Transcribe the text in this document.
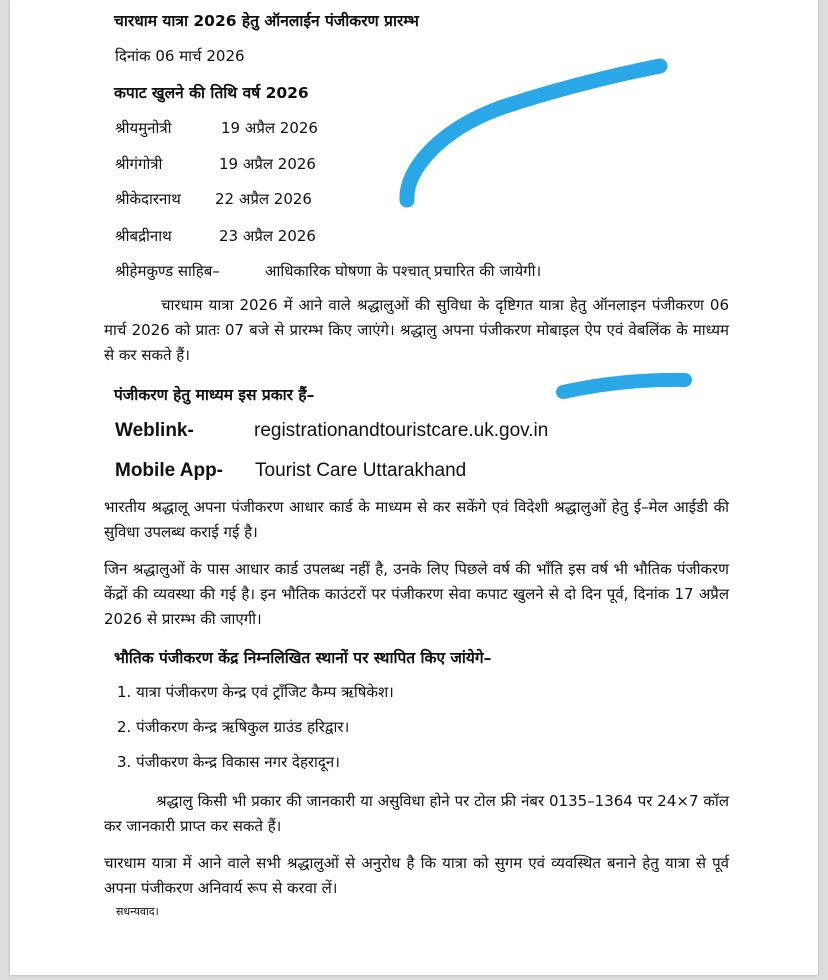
चारधाम यात्रा 2026 हेतु ऑनलाईन पंजीकरण प्रारम्भ
दिनांक 06 मार्च 2026
कपाट खुलने की तिथि वर्ष 2026
श्रीयमुनोत्री	19 अप्रैल 2026
श्रीगंगोत्री	19 अप्रैल 2026
श्रीकेदारनाथ 22 अप्रैल 2026
श्रीबद्रीनाथ	23 अप्रैल 2026
श्रीहेमकुण्ड साहिब–	आधिकारिक घोषणा के पश्चात् प्रचारित की जायेगी।
चारधाम यात्रा 2026 में आने वाले श्रद्धालुओं की सुविधा के दृष्टिगत यात्रा हेतु ऑनलाइन पंजीकरण 06 मार्च 2026 को प्रातः 07 बजे से प्रारम्भ किए जाएंगे। श्रद्धालु अपना पंजीकरण मोबाइल ऐप एवं वेबलिंक के माध्यम से कर सकते हैं।
पंजीकरण हेतु माध्यम इस प्रकार हैं–
Weblink-	registrationandtouristcare.uk.gov.in
Mobile App- Tourist Care Uttarakhand
भारतीय श्रद्धालू अपना पंजीकरण आधार कार्ड के माध्यम से कर सकेंगे एवं विदेशी श्रद्धालुओं हेतु ई–मेल आईडी की सुविधा उपलब्ध कराई गई है।
जिन श्रद्धालुओं के पास आधार कार्ड उपलब्ध नहीं है, उनके लिए पिछले वर्ष की भाँति इस वर्ष भी भौतिक पंजीकरण केंद्रों की व्यवस्था की गई है। इन भौतिक काउंटरों पर पंजीकरण सेवा कपाट खुलने से दो दिन पूर्व, दिनांक 17 अप्रैल 2026 से प्रारम्भ की जाएगी।
भौतिक पंजीकरण केंद्र निम्नलिखित स्थानों पर स्थापित किए जांयेगे–
1. यात्रा पंजीकरण केन्द्र एवं ट्राँजिट कैम्प ऋषिकेश।
2. पंजीकरण केन्द्र ऋषिकुल ग्राउंड हरिद्वार।
3. पंजीकरण केन्द्र विकास नगर देहरादून।
श्रद्धालु किसी भी प्रकार की जानकारी या असुविधा होने पर टोल फ्री नंबर 0135–1364 पर 24×7 कॉल कर जानकारी प्राप्त कर सकते हैं।
चारधाम यात्रा में आने वाले सभी श्रद्धालुओं से अनुरोध है कि यात्रा को सुगम एवं व्यवस्थित बनाने हेतु यात्रा से पूर्व अपना पंजीकरण अनिवार्य रूप से करवा लें।
सधन्यवाद।
